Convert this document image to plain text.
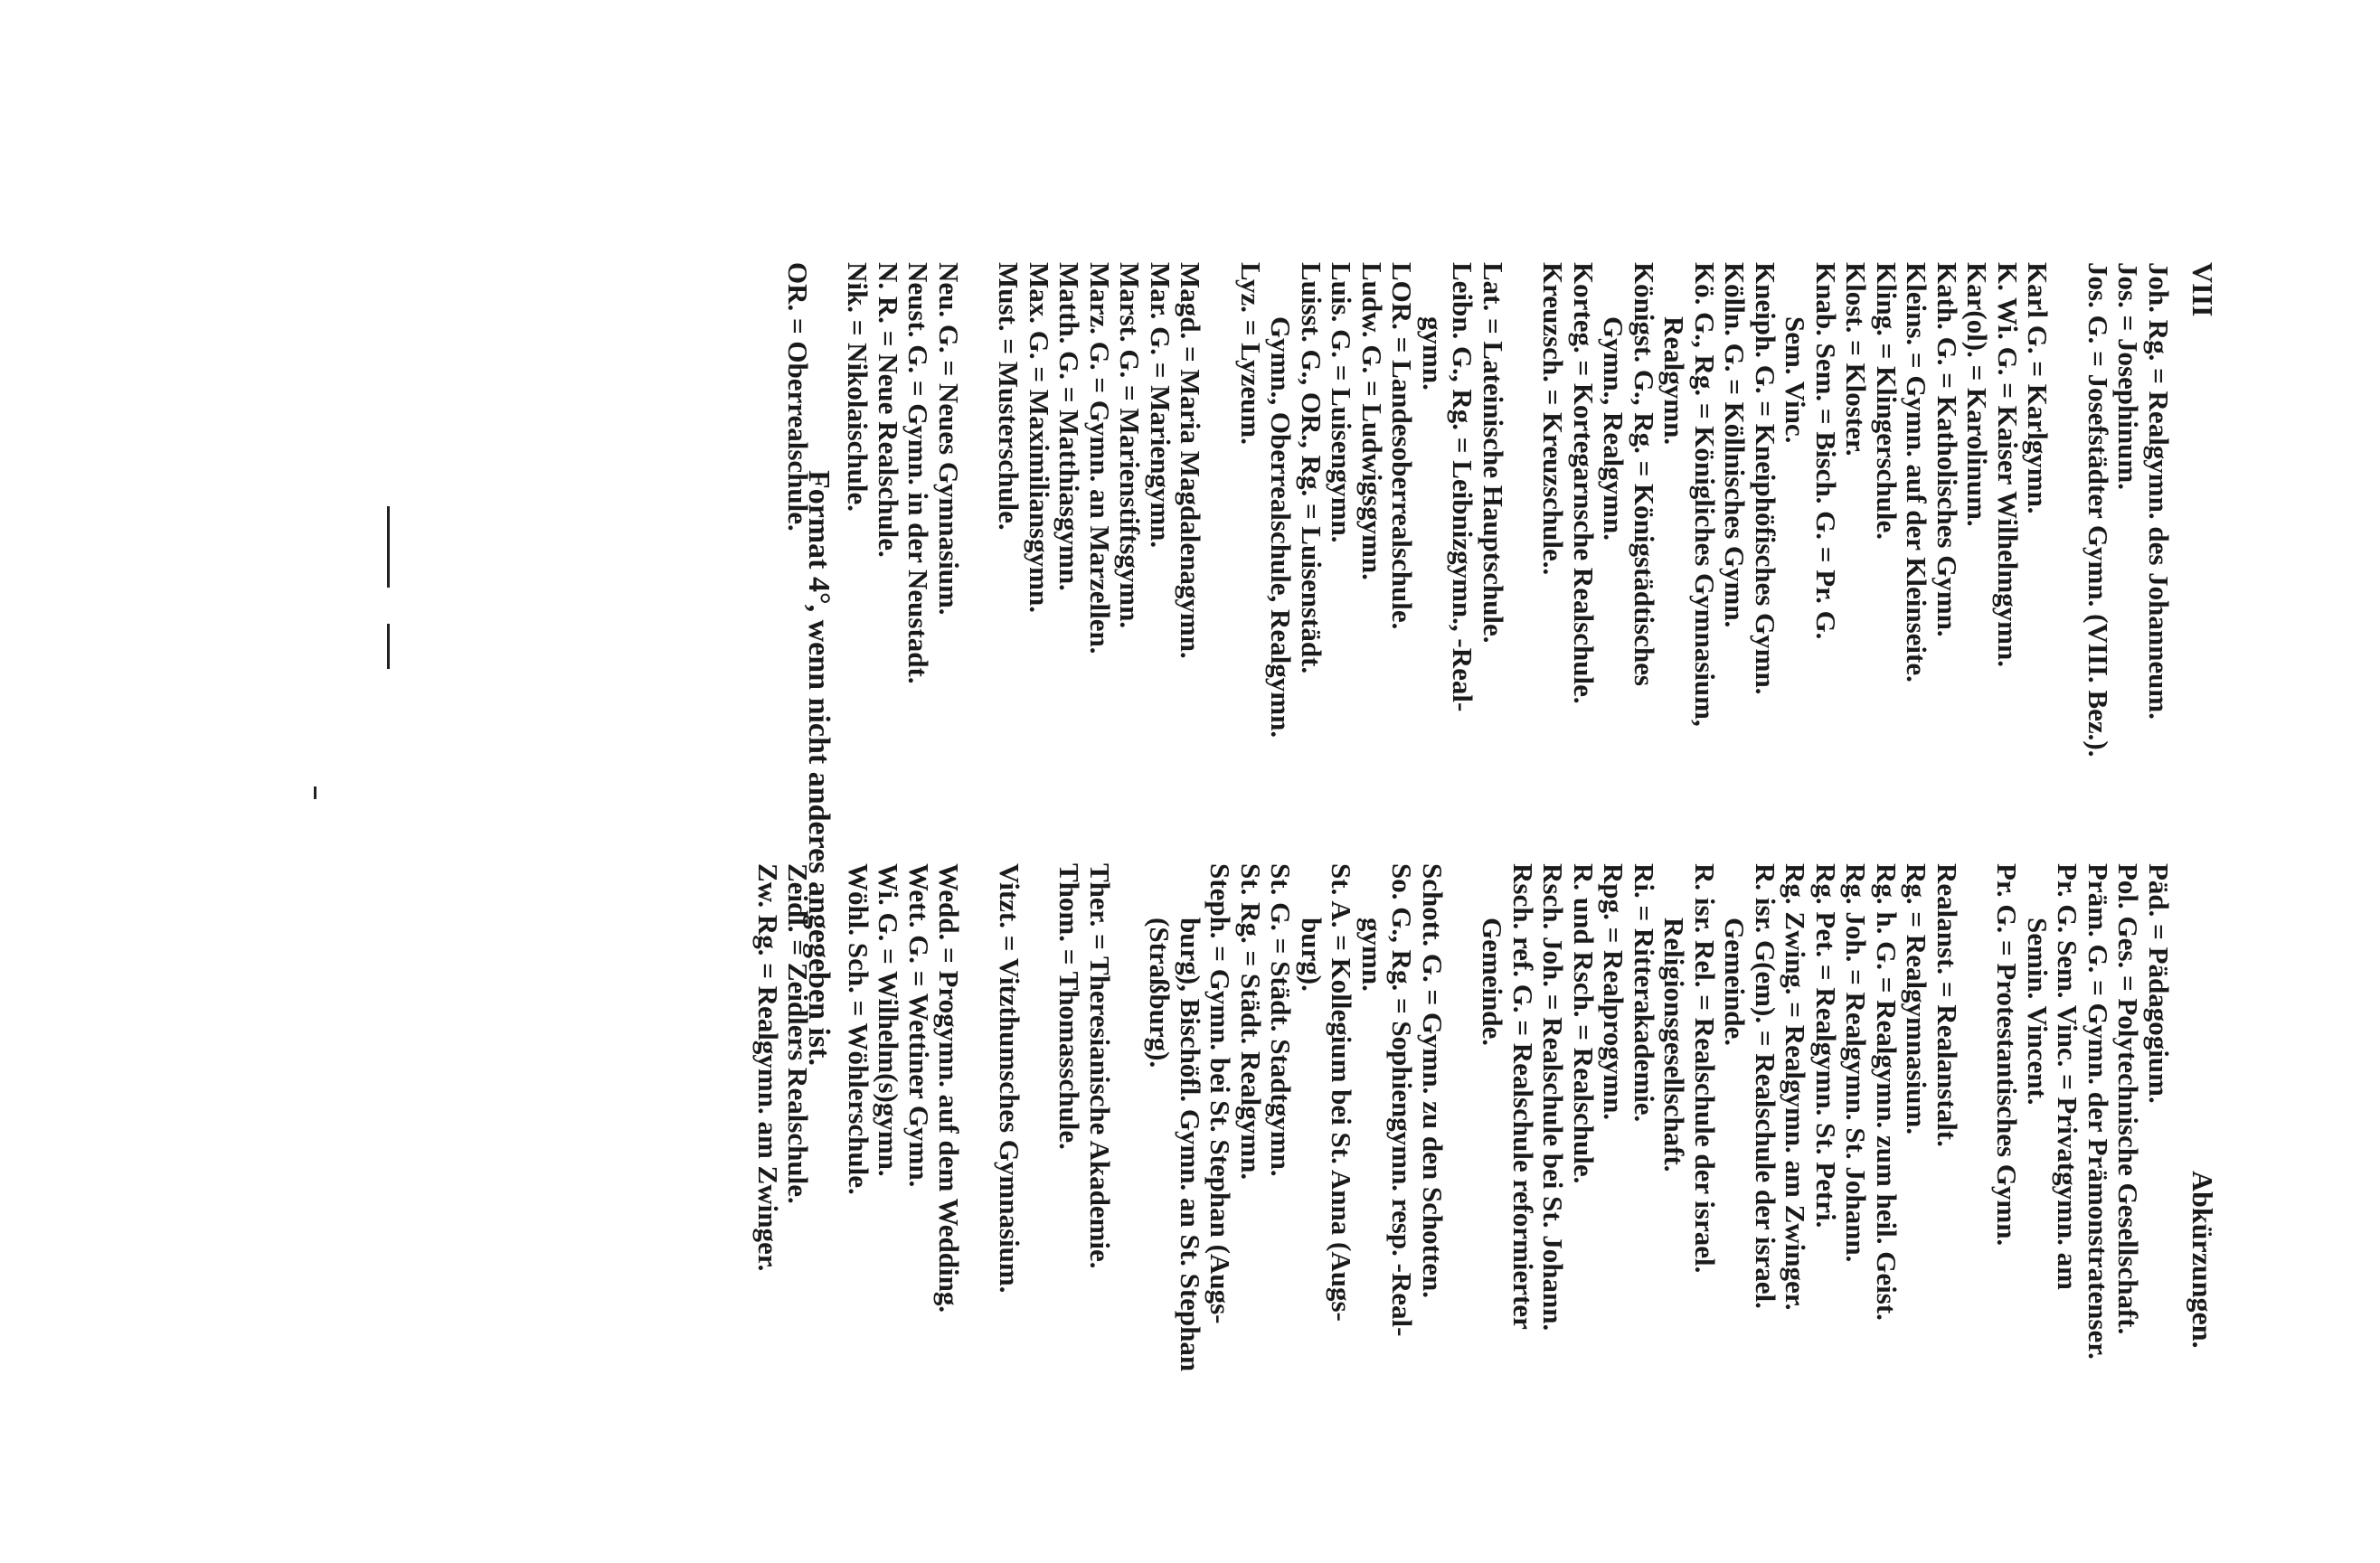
VIII
Abkürzungen.
Joh. Rg. = Realgymn. des Johanneum.
Jos. = Josephinum.
Jos. G. = Josefstädter Gymn. (VIII. Bez.).
Karl G. = Karlgymn.
K. Wi. G. = Kaiser Wilhelmgymn.
Kar(ol). = Karolinum.
Kath. G. = Katholisches Gymn.
Kleins. = Gymn. auf der Kleinseite.
Kling. = Klingerschule.
Klost. = Kloster.
Knab. Sem. = Bisch. G. = Pr. G.
Sem. Vinc.
Kneiph. G. = Kneiphöfisches Gymn.
Kölln. G. = Köllnisches Gymn.
Kö. G., Rg. = Königliches Gymnasium,
Realgymn.
Königst. G., Rg. = Königstädtisches
Gymn., Realgymn.
Korteg. = Kortegarnsche Realschule.
Kreuzsch. = Kreuzschule..
Lat. = Lateinische Hauptschule.
Leibn. G., Rg. = Leibnizgymn., -Real-
gymn.
LOR. = Landesoberrealschule.
Ludw. G. = Ludwigsgymn.
Luis. G. = Luisengymn.
Luisst. G., OR., Rg. = Luisenstädt.
Gymn., Oberrealschule, Realgymn.
Lyz. = Lyzeum.
Magd. = Maria Magdalenagymn.
Mar. G. = Mariengymn.
Marst. G. = Marienstiftsgymn.
Marz. G. = Gymn. an Marzellen.
Matth. G. = Matthiasgymn.
Max. G. = Maximiliansgymn.
Must. = Musterschule.
Neu. G. = Neues Gymnasium.
Neust. G. = Gymn. in der Neustadt.
N. R. = Neue Realschule.
Nik. = Nikolaischule.
OR. = Oberrealschule.
Päd. = Pädagogium.
Pol. Ges. = Polytechnische Gesellschaft.
Präm. G. = Gymn. der Prämonstratenser.
Pr. G. Sem. Vinc. = Privatgymn. am
Semin. Vincent.
Pr. G. = Protestantisches Gymn.
Realanst. = Realanstalt.
Rg. = Realgymnasium.
Rg. h. G. = Realgymn. zum heil. Geist.
Rg. Joh. = Realgymn. St. Johann.
Rg. Pet. = Realgymn. St. Petri.
Rg. Zwing. = Realgymn. am Zwinger.
R. isr. G(em). = Realschule der israel.
Gemeinde.
R. isr. Rel. = Realschule der israel.
Religionsgesellschaft.
Ri. = Ritterakademie.
Rpg. = Realprogymn.
R. und Rsch. = Realschule.
Rsch. Joh. = Realschule bei St. Johann.
Rsch. ref. G. = Realschule reformierter
Gemeinde.
Schott. G. = Gymn. zu den Schotten.
So. G., Rg. = Sophiengymn. resp. -Real-
gymn.
St. A. = Kollegium bei St. Anna (Augs-
burg).
St. G. = Städt. Stadtgymn.
St. Rg. = Städt. Realgymn.
Steph. = Gymn. bei St. Stephan (Augs-
burg), Bischöfl. Gymn. an St. Stephan
(Straßburg).
Ther. = Theresianische Akademie.
Thom. = Thomasschule.
Vitzt. = Vitzthumsches Gymnasium.
Wedd. = Progymn. auf dem Wedding.
Wett. G. = Wettiner Gymn.
Wi. G. = Wilhelm(s)gymn.
Wöhl. Sch. = Wöhlerschule.
Zeidl. = Zeidlers Realschule.
Zw. Rg. = Realgymn. am Zwinger.
Format 4°, wenn nicht anderes angegeben ist.
